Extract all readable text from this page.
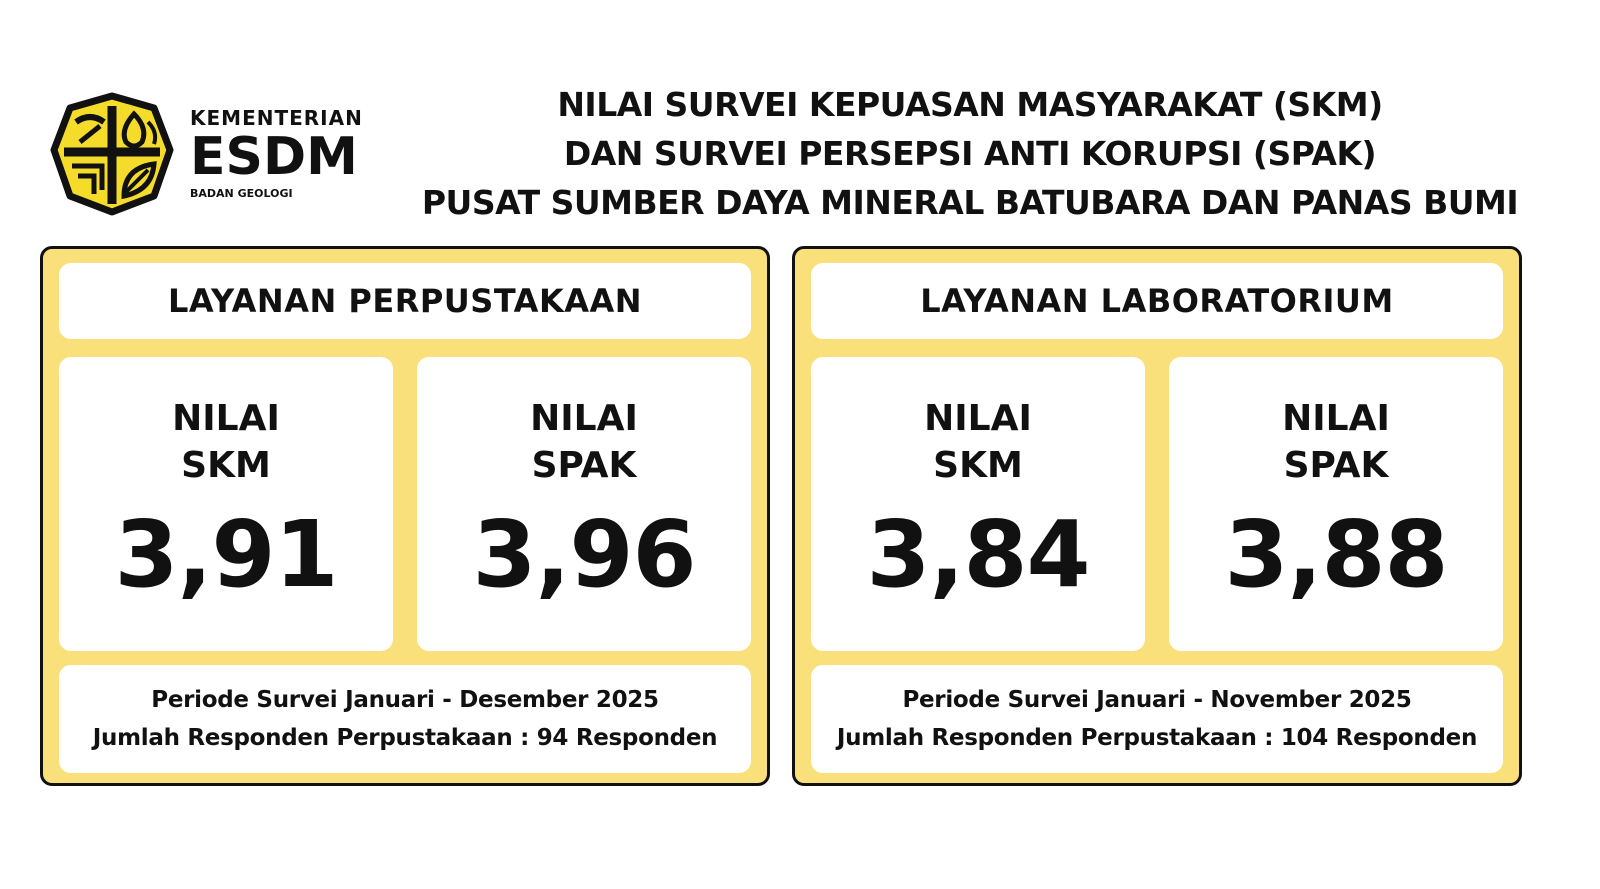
KEMENTERIAN
ESDM
BADAN GEOLOGI
NILAI SURVEI KEPUASAN MASYARAKAT (SKM)
DAN SURVEI PERSEPSI ANTI KORUPSI (SPAK)
PUSAT SUMBER DAYA MINERAL BATUBARA DAN PANAS BUMI
LAYANAN PERPUSTAKAAN
NILAI
SKM
3,91
NILAI
SPAK
3,96
Periode Survei Januari - Desember 2025
Jumlah Responden Perpustakaan : 94 Responden
LAYANAN LABORATORIUM
NILAI
SKM
3,84
NILAI
SPAK
3,88
Periode Survei Januari - November 2025
Jumlah Responden Perpustakaan : 104 Responden
